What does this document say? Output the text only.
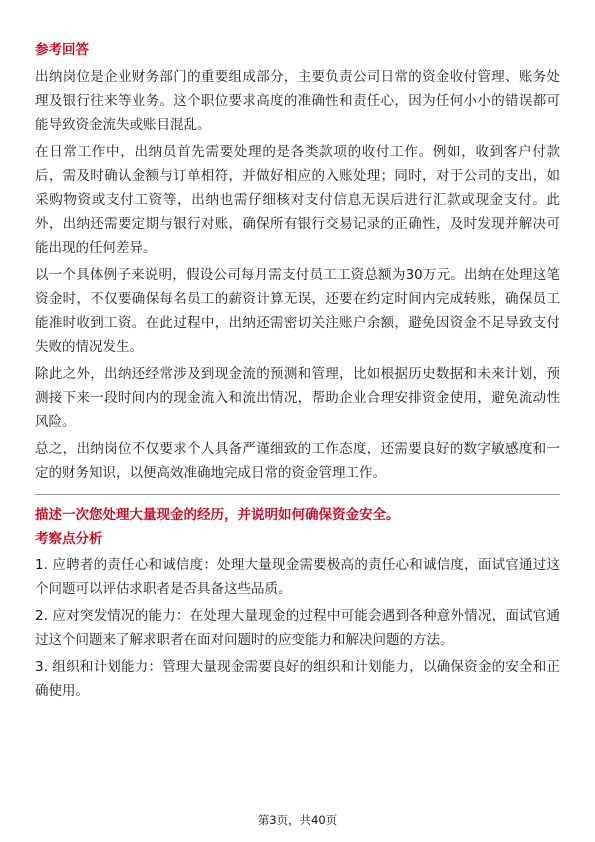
参考回答

出纳岗位是企业财务部门的重要组成部分，主要负责公司日常的资金收付管理、账务处理及银行往来等业务。这个职位要求高度的准确性和责任心，因为任何小小的错误都可能导致资金流失或账目混乱。

在日常工作中，出纳员首先需要处理的是各类款项的收付工作。例如，收到客户付款后，需及时确认金额与订单相符，并做好相应的入账处理；同时，对于公司的支出，如采购物资或支付工资等，出纳也需仔细核对支付信息无误后进行汇款或现金支付。此外，出纳还需要定期与银行对账，确保所有银行交易记录的正确性，及时发现并解决可能出现的任何差异。

以一个具体例子来说明，假设公司每月需支付员工工资总额为30万元。出纳在处理这笔资金时，不仅要确保每名员工的薪资计算无误，还要在约定时间内完成转账，确保员工能准时收到工资。在此过程中，出纳还需密切关注账户余额，避免因资金不足导致支付失败的情况发生。

除此之外，出纳还经常涉及到现金流的预测和管理，比如根据历史数据和未来计划，预测接下来一段时间内的现金流入和流出情况，帮助企业合理安排资金使用，避免流动性风险。

总之，出纳岗位不仅要求个人具备严谨细致的工作态度，还需要良好的数字敏感度和一定的财务知识，以便高效准确地完成日常的资金管理工作。

描述一次您处理大量现金的经历，并说明如何确保资金安全。
考察点分析

1. 应聘者的责任心和诚信度：处理大量现金需要极高的责任心和诚信度，面试官通过这个问题可以评估求职者是否具备这些品质。

2. 应对突发情况的能力：在处理大量现金的过程中可能会遇到各种意外情况，面试官通过这个问题来了解求职者在面对问题时的应变能力和解决问题的方法。

3. 组织和计划能力：管理大量现金需要良好的组织和计划能力，以确保资金的安全和正确使用。

第3页，共40页
